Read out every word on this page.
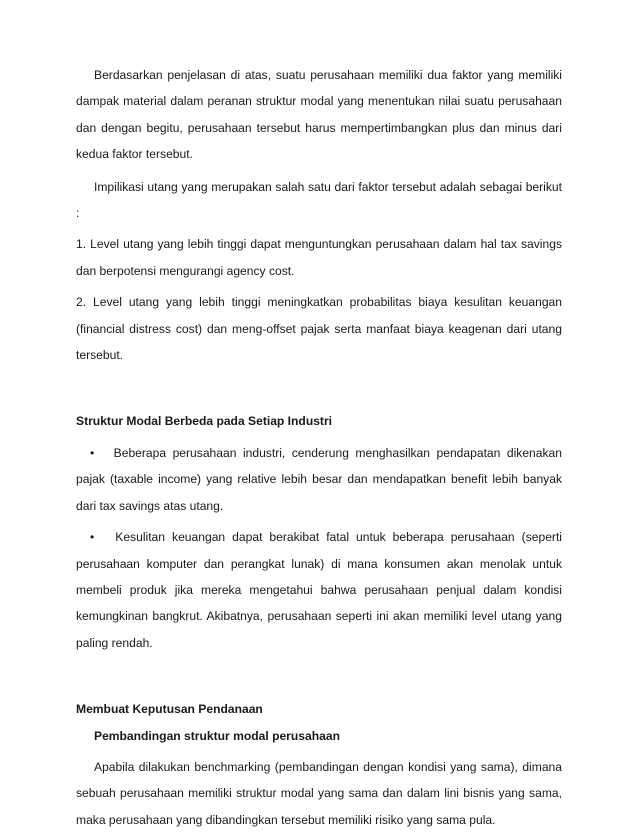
Berdasarkan penjelasan di atas, suatu perusahaan memiliki dua faktor yang memiliki dampak material dalam peranan struktur modal yang menentukan nilai suatu perusahaan dan dengan begitu, perusahaan tersebut harus mempertimbangkan plus dan minus dari kedua faktor tersebut.

Impilikasi utang yang merupakan salah satu dari faktor tersebut adalah sebagai berikut :

1. Level utang yang lebih tinggi dapat menguntungkan perusahaan dalam hal tax savings dan berpotensi mengurangi agency cost.

2. Level utang yang lebih tinggi meningkatkan probabilitas biaya kesulitan keuangan (financial distress cost) dan meng-offset pajak serta manfaat biaya keagenan dari utang tersebut.

Struktur Modal Berbeda pada Setiap Industri

•   Beberapa perusahaan industri, cenderung menghasilkan pendapatan dikenakan pajak (taxable income) yang relative lebih besar dan mendapatkan benefit lebih banyak dari tax savings atas utang.

•   Kesulitan keuangan dapat berakibat fatal untuk beberapa perusahaan (seperti perusahaan komputer dan perangkat lunak) di mana konsumen akan menolak untuk membeli produk jika mereka mengetahui bahwa perusahaan penjual dalam kondisi kemungkinan bangkrut. Akibatnya, perusahaan seperti ini akan memiliki level utang yang paling rendah.

Membuat Keputusan Pendanaan

Pembandingan struktur modal perusahaan

Apabila dilakukan benchmarking (pembandingan dengan kondisi yang sama), dimana sebuah perusahaan memiliki struktur modal yang sama dan dalam lini bisnis yang sama, maka perusahaan yang dibandingkan tersebut memiliki risiko yang sama pula.
